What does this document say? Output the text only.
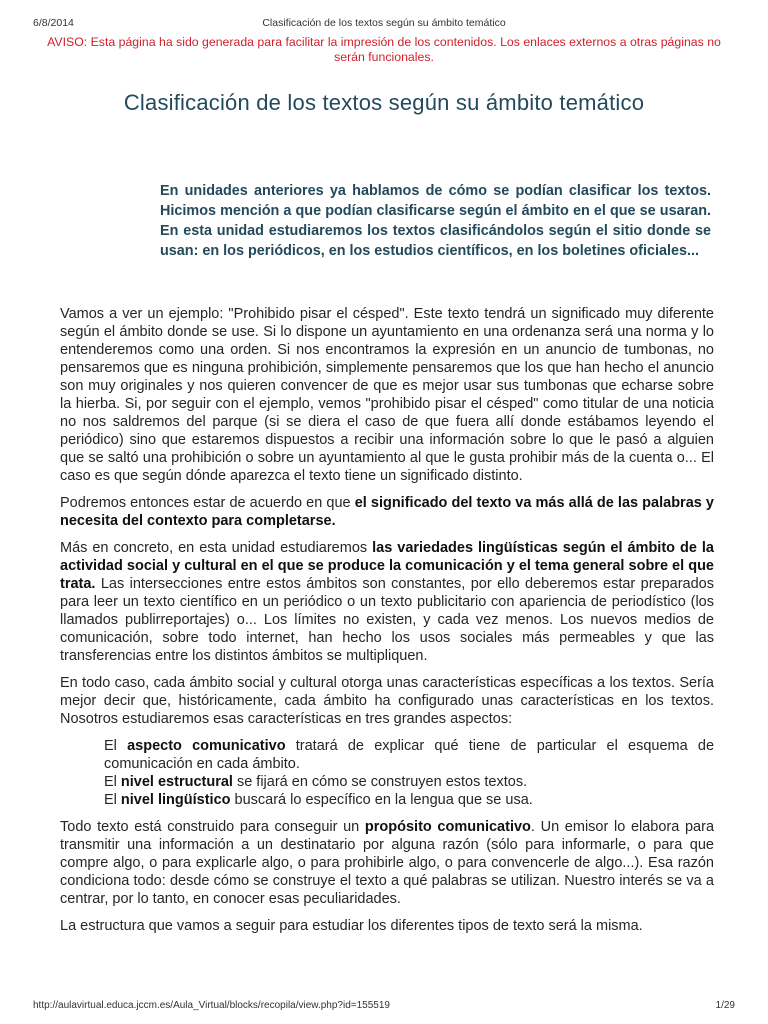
6/8/2014	Clasificación de los textos según su ámbito temático
AVISO: Esta página ha sido generada para facilitar la impresión de los contenidos. Los enlaces externos a otras páginas no serán funcionales.
Clasificación de los textos según su ámbito temático
En unidades anteriores ya hablamos de cómo se podían clasificar los textos. Hicimos mención a que podían clasificarse según el ámbito en el que se usaran. En esta unidad estudiaremos los textos clasificándolos según el sitio donde se usan: en los periódicos, en los estudios científicos, en los boletines oficiales...

Vamos a ver un ejemplo: "Prohibido pisar el césped". Este texto tendrá un significado muy diferente según el ámbito donde se use. Si lo dispone un ayuntamiento en una ordenanza será una norma y lo entenderemos como una orden. Si nos encontramos la expresión en un anuncio de tumbonas, no pensaremos que es ninguna prohibición, simplemente pensaremos que los que han hecho el anuncio son muy originales y nos quieren convencer de que es mejor usar sus tumbonas que echarse sobre la hierba. Si, por seguir con el ejemplo, vemos "prohibido pisar el césped" como titular de una noticia no nos saldremos del parque (si se diera el caso de que fuera allí donde estábamos leyendo el periódico) sino que estaremos dispuestos a recibir una información sobre lo que le pasó a alguien que se saltó una prohibición o sobre un ayuntamiento al que le gusta prohibir más de la cuenta o... El caso es que según dónde aparezca el texto tiene un significado distinto.

Podremos entonces estar de acuerdo en que el significado del texto va más allá de las palabras y necesita del contexto para completarse.

Más en concreto, en esta unidad estudiaremos las variedades lingüísticas según el ámbito de la actividad social y cultural en el que se produce la comunicación y el tema general sobre el que trata. Las intersecciones entre estos ámbitos son constantes, por ello deberemos estar preparados para leer un texto científico en un periódico o un texto publicitario con apariencia de periodístico (los llamados publirreportajes) o... Los límites no existen, y cada vez menos. Los nuevos medios de comunicación, sobre todo internet, han hecho los usos sociales más permeables y que las transferencias entre los distintos ámbitos se multipliquen.

En todo caso, cada ámbito social y cultural otorga unas características específicas a los textos. Sería mejor decir que, históricamente, cada ámbito ha configurado unas características en los textos. Nosotros estudiaremos esas características en tres grandes aspectos:

El aspecto comunicativo tratará de explicar qué tiene de particular el esquema de comunicación en cada ámbito.
El nivel estructural se fijará en cómo se construyen estos textos.
El nivel lingüístico buscará lo específico en la lengua que se usa.

Todo texto está construido para conseguir un propósito comunicativo. Un emisor lo elabora para transmitir una información a un destinatario por alguna razón (sólo para informarle, o para que compre algo, o para explicarle algo, o para prohibirle algo, o para convencerle de algo...). Esa razón condiciona todo: desde cómo se construye el texto a qué palabras se utilizan. Nuestro interés se va a centrar, por lo tanto, en conocer esas peculiaridades.

La estructura que vamos a seguir para estudiar los diferentes tipos de texto será la misma.

http://aulavirtual.educa.jccm.es/Aula_Virtual/blocks/recopila/view.php?id=155519	1/29
